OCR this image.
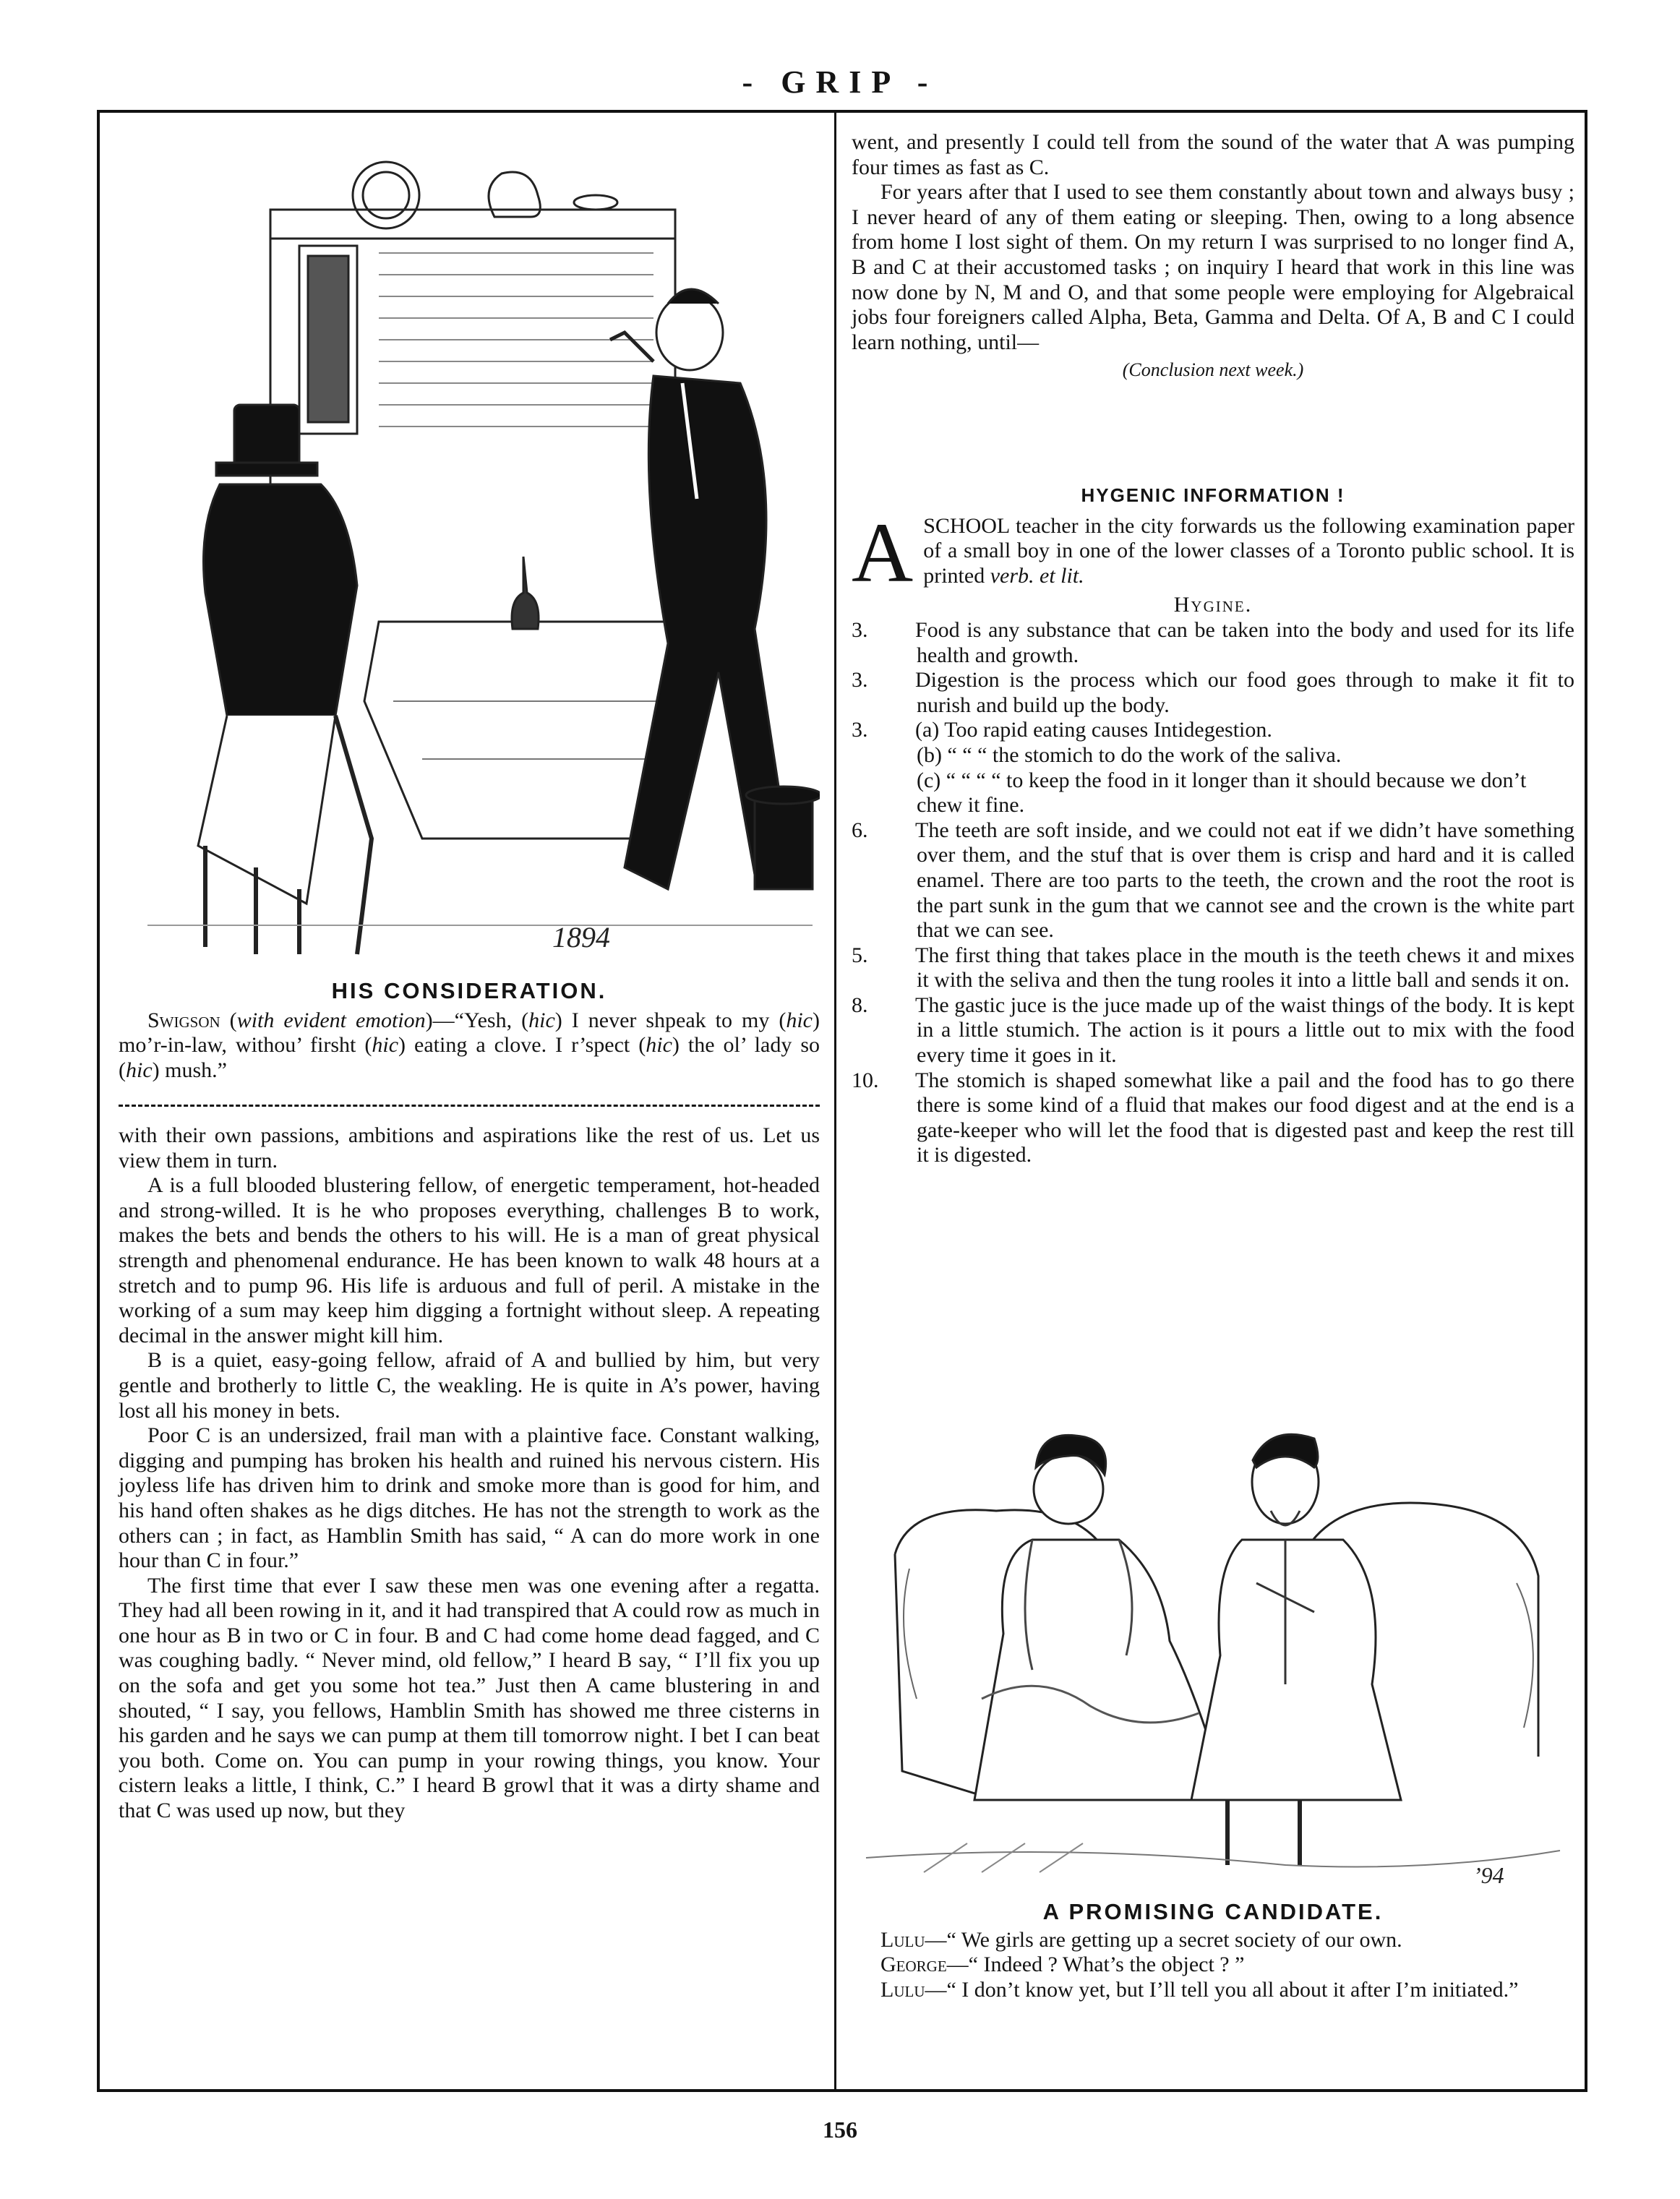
- GRIP -
1894

HIS CONSIDERATION.

Swigson (with evident emotion)—“Yesh, (hic) I never shpeak to my (hic) mo’r-in-law, withou’ firsht (hic) eating a clove. I r’spect (hic) the ol’ lady so (hic) mush.”

with their own passions, ambitions and aspirations like the rest of us. Let us view them in turn.

A is a full blooded blustering fellow, of energetic temperament, hot-headed and strong-willed. It is he who proposes everything, challenges B to work, makes the bets and bends the others to his will. He is a man of great physical strength and phenomenal endurance. He has been known to walk 48 hours at a stretch and to pump 96. His life is arduous and full of peril. A mistake in the working of a sum may keep him digging a fortnight without sleep. A repeating decimal in the answer might kill him.

B is a quiet, easy-going fellow, afraid of A and bullied by him, but very gentle and brotherly to little C, the weakling. He is quite in A’s power, having lost all his money in bets.

Poor C is an undersized, frail man with a plaintive face. Constant walking, digging and pumping has broken his health and ruined his nervous cistern. His joyless life has driven him to drink and smoke more than is good for him, and his hand often shakes as he digs ditches. He has not the strength to work as the others can ; in fact, as Hamblin Smith has said, “ A can do more work in one hour than C in four.”

The first time that ever I saw these men was one evening after a regatta. They had all been rowing in it, and it had transpired that A could row as much in one hour as B in two or C in four. B and C had come home dead fagged, and C was coughing badly. “ Never mind, old fellow,” I heard B say, “ I’ll fix you up on the sofa and get you some hot tea.” Just then A came blustering in and shouted, “ I say, you fellows, Hamblin Smith has showed me three cisterns in his garden and he says we can pump at them till tomorrow night. I bet I can beat you both. Come on. You can pump in your rowing things, you know. Your cistern leaks a little, I think, C.” I heard B growl that it was a dirty shame and that C was used up now, but they

went, and presently I could tell from the sound of the water that A was pumping four times as fast as C.

For years after that I used to see them constantly about town and always busy ; I never heard of any of them eating or sleeping. Then, owing to a long absence from home I lost sight of them. On my return I was surprised to no longer find A, B and C at their accustomed tasks ; on inquiry I heard that work in this line was now done by N, M and O, and that some people were employing for Algebraical jobs four foreigners called Alpha, Beta, Gamma and Delta. Of A, B and C I could learn nothing, until—

(Conclusion next week.)

HYGENIC INFORMATION !

ASCHOOL teacher in the city forwards us the following examination paper of a small boy in one of the lower classes of a Toronto public school. It is printed verb. et lit.

Hygine.

3. Food is any substance that can be taken into the body and used for its life health and growth.
3. Digestion is the process which our food goes through to make it fit to nurish and build up the body.
3. (a) Too rapid eating causes Intidegestion.
(b) “ “ “ the stomich to do the work of the saliva.
(c) “ “ “ “ to keep the food in it longer than it should because we don’t chew it fine.
6. The teeth are soft inside, and we could not eat if we didn’t have something over them, and the stuf that is over them is crisp and hard and it is called enamel. There are too parts to the teeth, the crown and the root the root is the part sunk in the gum that we cannot see and the crown is the white part that we can see.
5. The first thing that takes place in the mouth is the teeth chews it and mixes it with the seliva and then the tung rooles it into a little ball and sends it on.
8. The gastic juce is the juce made up of the waist things of the body. It is kept in a little stumich. The action is it pours a little out to mix with the food every time it goes in it.
10. The stomich is shaped somewhat like a pail and the food has to go there there is some kind of a fluid that makes our food digest and at the end is a gate-keeper who will let the food that is digested past and keep the rest till it is digested.
’94

A PROMISING CANDIDATE.

Lulu—“ We girls are getting up a secret society of our own.

George—“ Indeed ? What’s the object ? ”

Lulu—“ I don’t know yet, but I’ll tell you all about it after I’m initiated.”

156
